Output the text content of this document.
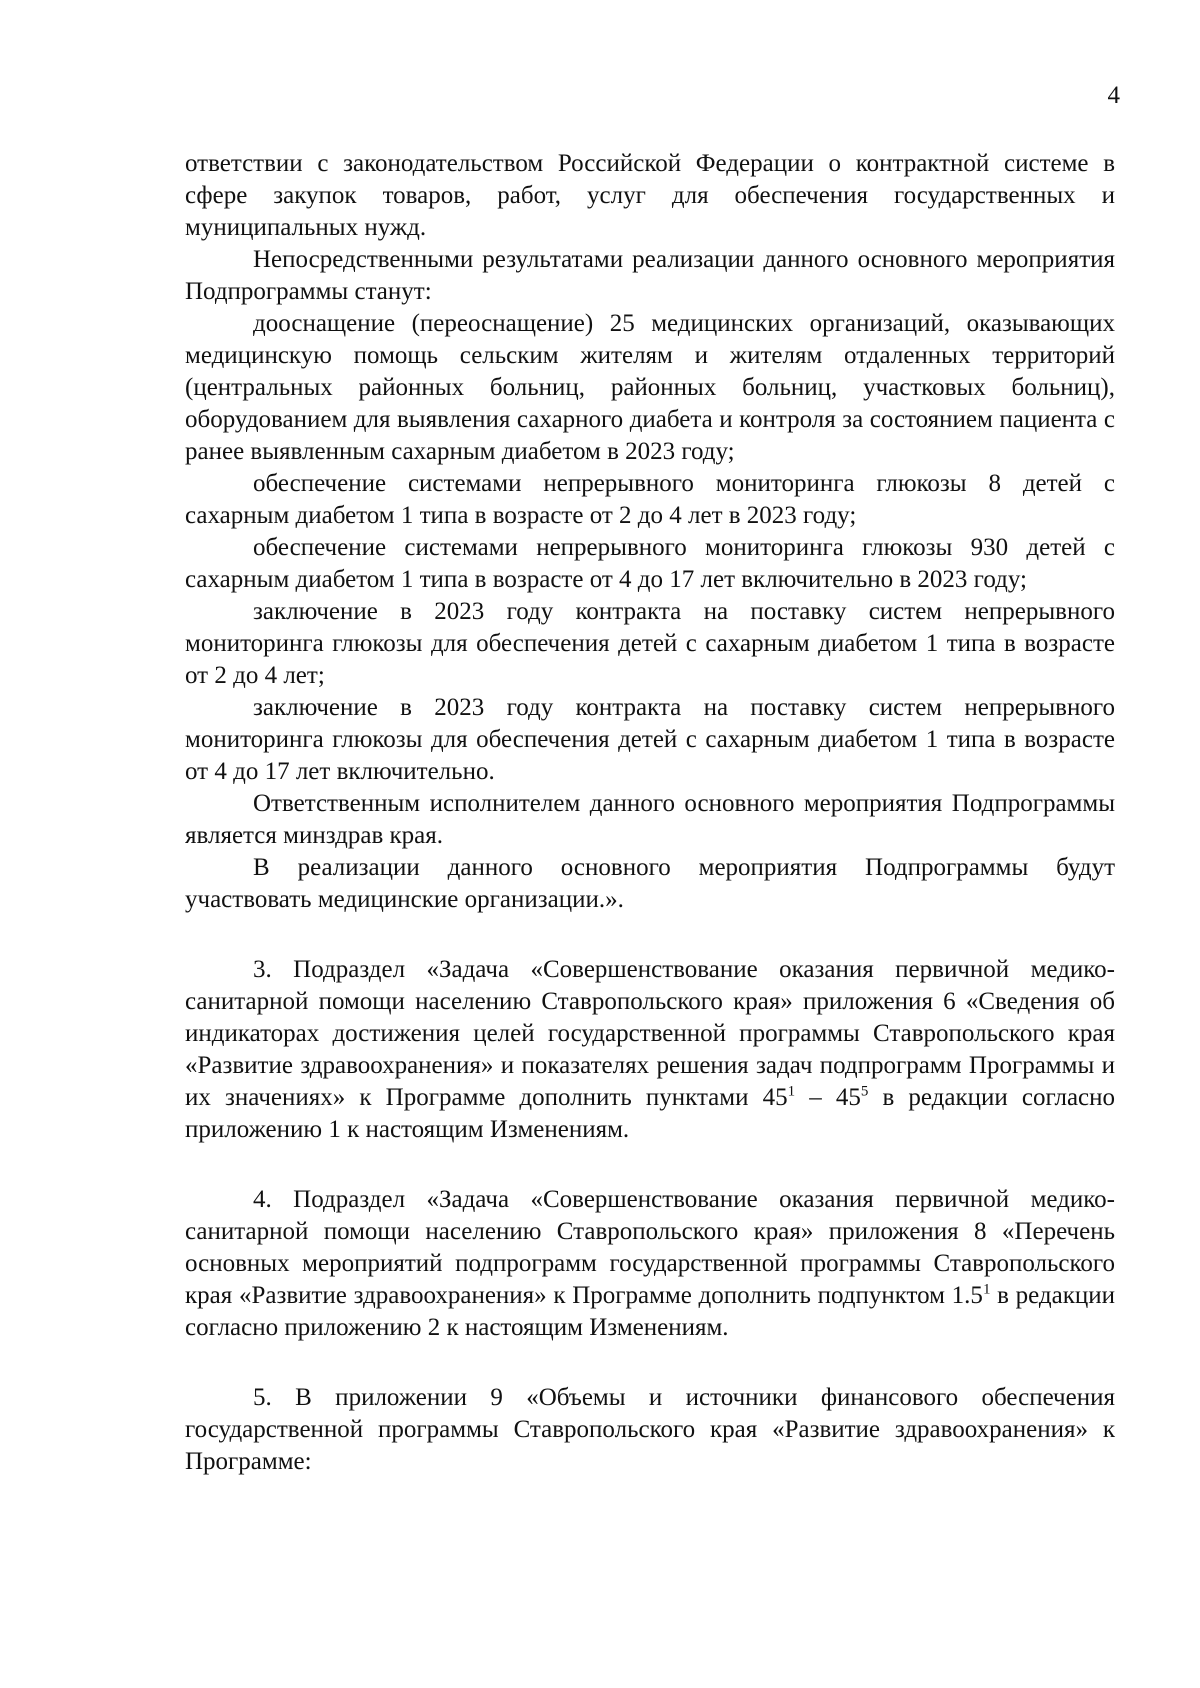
4

ответствии с законодательством Российской Федерации о контрактной системе в сфере закупок товаров, работ, услуг для обеспечения государственных и муниципальных нужд.

Непосредственными результатами реализации данного основного мероприятия Подпрограммы станут:

дооснащение (переоснащение) 25 медицинских организаций, оказывающих медицинскую помощь сельским жителям и жителям отдаленных территорий (центральных районных больниц, районных больниц, участковых больниц), оборудованием для выявления сахарного диабета и контроля за состоянием пациента с ранее выявленным сахарным диабетом в 2023 году;

обеспечение системами непрерывного мониторинга глюкозы 8 детей с сахарным диабетом 1 типа в возрасте от 2 до 4 лет в 2023 году;

обеспечение системами непрерывного мониторинга глюкозы 930 детей с сахарным диабетом 1 типа в возрасте от 4 до 17 лет включительно в 2023 году;

заключение в 2023 году контракта на поставку систем непрерывного мониторинга глюкозы для обеспечения детей с сахарным диабетом 1 типа в возрасте от 2 до 4 лет;

заключение в 2023 году контракта на поставку систем непрерывного мониторинга глюкозы для обеспечения детей с сахарным диабетом 1 типа в возрасте от 4 до 17 лет включительно.

Ответственным исполнителем данного основного мероприятия Подпрограммы является минздрав края.

В реализации данного основного мероприятия Подпрограммы будут участвовать медицинские организации.».

3. Подраздел «Задача «Совершенствование оказания первичной медико-санитарной помощи населению Ставропольского края» приложения 6 «Сведения об индикаторах достижения целей государственной программы Ставропольского края «Развитие здравоохранения» и показателях решения задач подпрограмм Программы и их значениях» к Программе дополнить пунктами $45^1 - 45^5$ в редакции согласно приложению 1 к настоящим Изменениям.

4. Подраздел «Задача «Совершенствование оказания первичной медико-санитарной помощи населению Ставропольского края» приложения 8 «Перечень основных мероприятий подпрограмм государственной программы Ставропольского края «Развитие здравоохранения» к Программе дополнить подпунктом $1.5^1$ в редакции согласно приложению 2 к настоящим Изменениям.

5. В приложении 9 «Объемы и источники финансового обеспечения государственной программы Ставропольского края «Развитие здравоохранения» к Программе:
